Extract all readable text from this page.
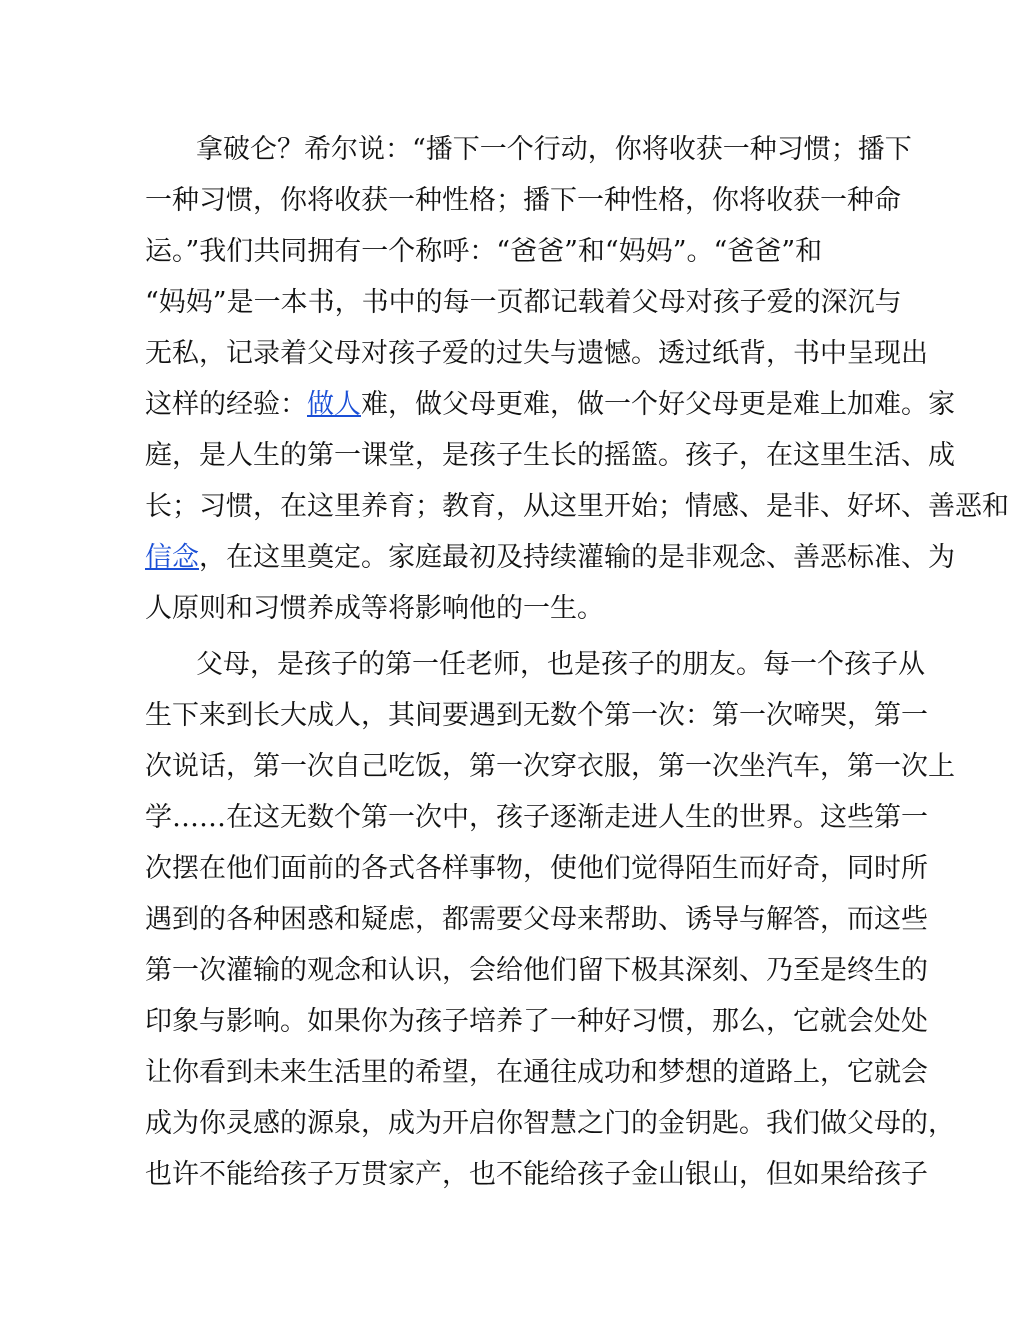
拿破仑？希尔说：“播下一个行动，你将收获一种习惯；播下
一种习惯，你将收获一种性格；播下一种性格，你将收获一种命
运。”我们共同拥有一个称呼：“爸爸”和“妈妈”。“爸爸”和
“妈妈”是一本书，书中的每一页都记载着父母对孩子爱的深沉与
无私，记录着父母对孩子爱的过失与遗憾。透过纸背，书中呈现出
这样的经验：做人难，做父母更难，做一个好父母更是难上加难。家
庭，是人生的第一课堂，是孩子生长的摇篮。孩子，在这里生活、成
长；习惯，在这里养育；教育，从这里开始；情感、是非、好坏、善恶和
信念，在这里奠定。家庭最初及持续灌输的是非观念、善恶标准、为
人原则和习惯养成等将影响他的一生。
父母，是孩子的第一任老师，也是孩子的朋友。每一个孩子从
生下来到长大成人，其间要遇到无数个第一次：第一次啼哭，第一
次说话，第一次自己吃饭，第一次穿衣服，第一次坐汽车，第一次上
学……在这无数个第一次中，孩子逐渐走进人生的世界。这些第一
次摆在他们面前的各式各样事物，使他们觉得陌生而好奇，同时所
遇到的各种困惑和疑虑，都需要父母来帮助、诱导与解答，而这些
第一次灌输的观念和认识，会给他们留下极其深刻、乃至是终生的
印象与影响。如果你为孩子培养了一种好习惯，那么，它就会处处
让你看到未来生活里的希望，在通往成功和梦想的道路上，它就会
成为你灵感的源泉，成为开启你智慧之门的金钥匙。我们做父母的，
也许不能给孩子万贯家产，也不能给孩子金山银山，但如果给孩子
